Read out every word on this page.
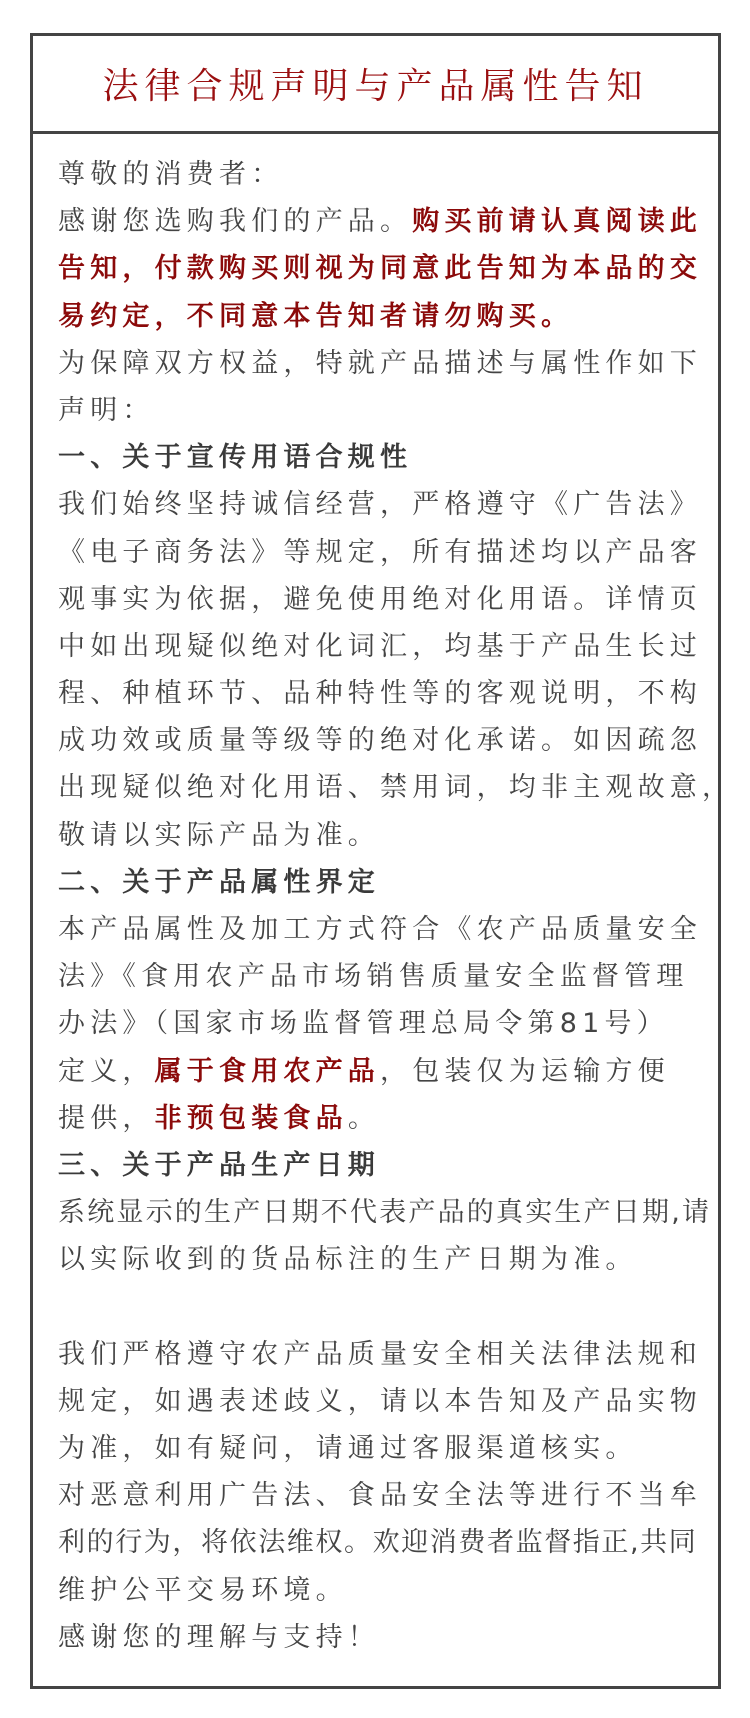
法律合规声明与产品属性告知
尊敬的消费者：
感谢您选购我们的产品。购买前请认真阅读此
告知，付款购买则视为同意此告知为本品的交
易约定，不同意本告知者请勿购买。
为保障双方权益，特就产品描述与属性作如下
声明：
一、关于宣传用语合规性
我们始终坚持诚信经营，严格遵守《广告法》
《电子商务法》等规定，所有描述均以产品客
观事实为依据，避免使用绝对化用语。详情页
中如出现疑似绝对化词汇，均基于产品生长过
程、种植环节、品种特性等的客观说明，不构
成功效或质量等级等的绝对化承诺。如因疏忽
出现疑似绝对化用语、禁用词，均非主观故意，
敬请以实际产品为准。
二、关于产品属性界定
本产品属性及加工方式符合《农产品质量安全
法》《食用农产品市场销售质量安全监督管理
办法》（国家市场监督管理总局令第81号）
定义，属于食用农产品，包装仅为运输方便
提供，非预包装食品。
三、关于产品生产日期
系统显示的生产日期不代表产品的真实生产日期,请
以实际收到的货品标注的生产日期为准。
我们严格遵守农产品质量安全相关法律法规和
规定，如遇表述歧义，请以本告知及产品实物
为准，如有疑问，请通过客服渠道核实。
对恶意利用广告法、食品安全法等进行不当牟
利的行为，将依法维权。欢迎消费者监督指正,共同
维护公平交易环境。
感谢您的理解与支持！
